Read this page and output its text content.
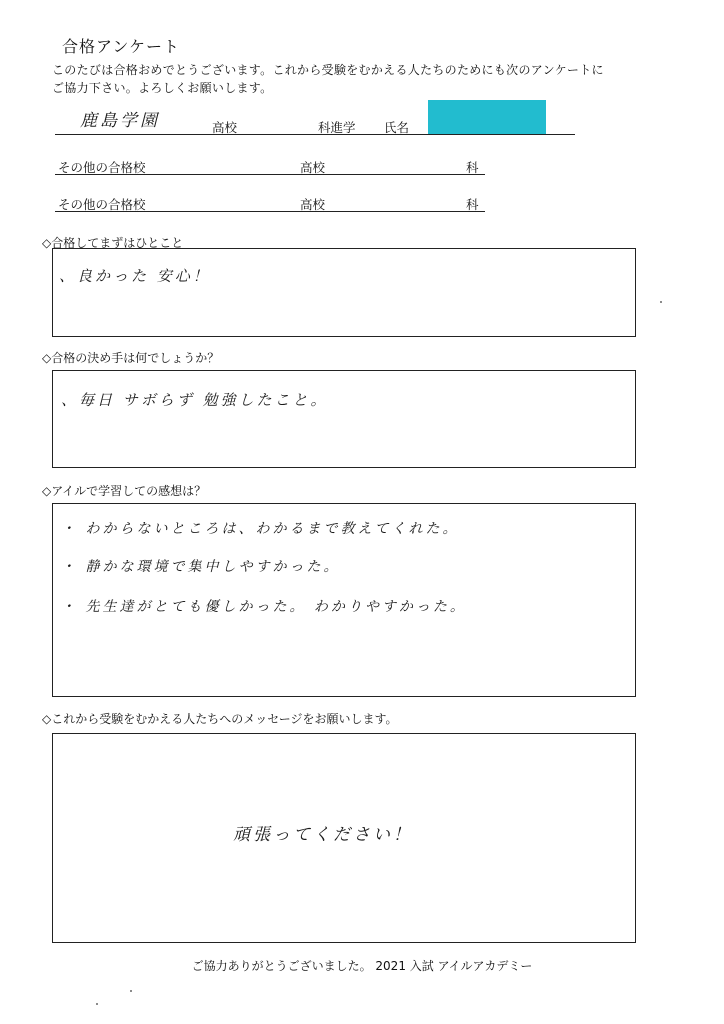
合格アンケート
このたびは合格おめでとうございます。これから受験をむかえる人たちのためにも次のアンケートに
ご協力下さい。よろしくお願いします。
鹿島学園	高校	科進学 氏名
その他の合格校	高校	科
その他の合格校	高校	科
◇合格してまずはひとこと
、良かった 安心！
◇合格の決め手は何でしょうか？
、毎日 サボらず 勉強したこと。
◇アイルで学習しての感想は？
・ わからないところは、わかるまで教えてくれた。
・ 静かな環境で集中しやすかった。
・ 先生達がとても優しかった。 わかりやすかった。
◇これから受験をむかえる人たちへのメッセージをお願いします。
頑張ってください！
ご協力ありがとうございました。 2021 入試 アイルアカデミー
